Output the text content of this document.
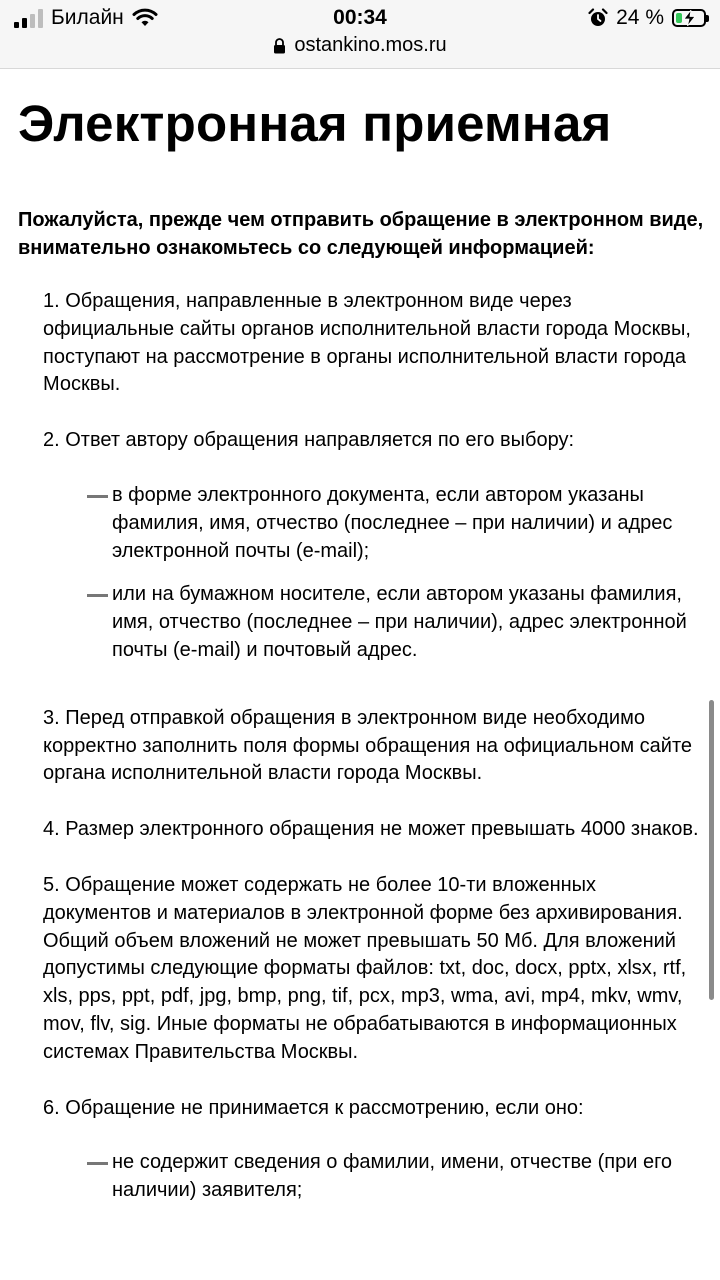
Билайн	00:34	24 %
ostankino.mos.ru
Электронная приемная

Пожалуйста, прежде чем отправить обращение в электронном виде, внимательно ознакомьтесь со следующей информацией:

1. Обращения, направленные в электронном виде через официальные сайты органов исполнительной власти города Москвы, поступают на рассмотрение в органы исполнительной власти города Москвы.
2. Ответ автору обращения направляется по его выбору:
в форме электронного документа, если автором указаны фамилия, имя, отчество (последнее – при наличии) и адрес электронной почты (e-mail);
или на бумажном носителе, если автором указаны фамилия, имя, отчество (последнее – при наличии), адрес электронной почты (e-mail) и почтовый адрес.
3. Перед отправкой обращения в электронном виде необходимо корректно заполнить поля формы обращения на официальном сайте органа исполнительной власти города Москвы.
4. Размер электронного обращения не может превышать 4000 знаков.
5. Обращение может содержать не более 10-ти вложенных документов и материалов в электронной форме без архивирования. Общий объем вложений не может превышать 50 Мб. Для вложений допустимы следующие форматы файлов: txt, doc, docx, pptx, xlsx, rtf, xls, pps, ppt, pdf, jpg, bmp, png, tif, pcx, mp3, wma, avi, mp4, mkv, wmv, mov, flv, sig. Иные форматы не обрабатываются в информационных системах Правительства Москвы.
6. Обращение не принимается к рассмотрению, если оно:
не содержит сведения о фамилии, имени, отчестве (при его наличии) заявителя;
